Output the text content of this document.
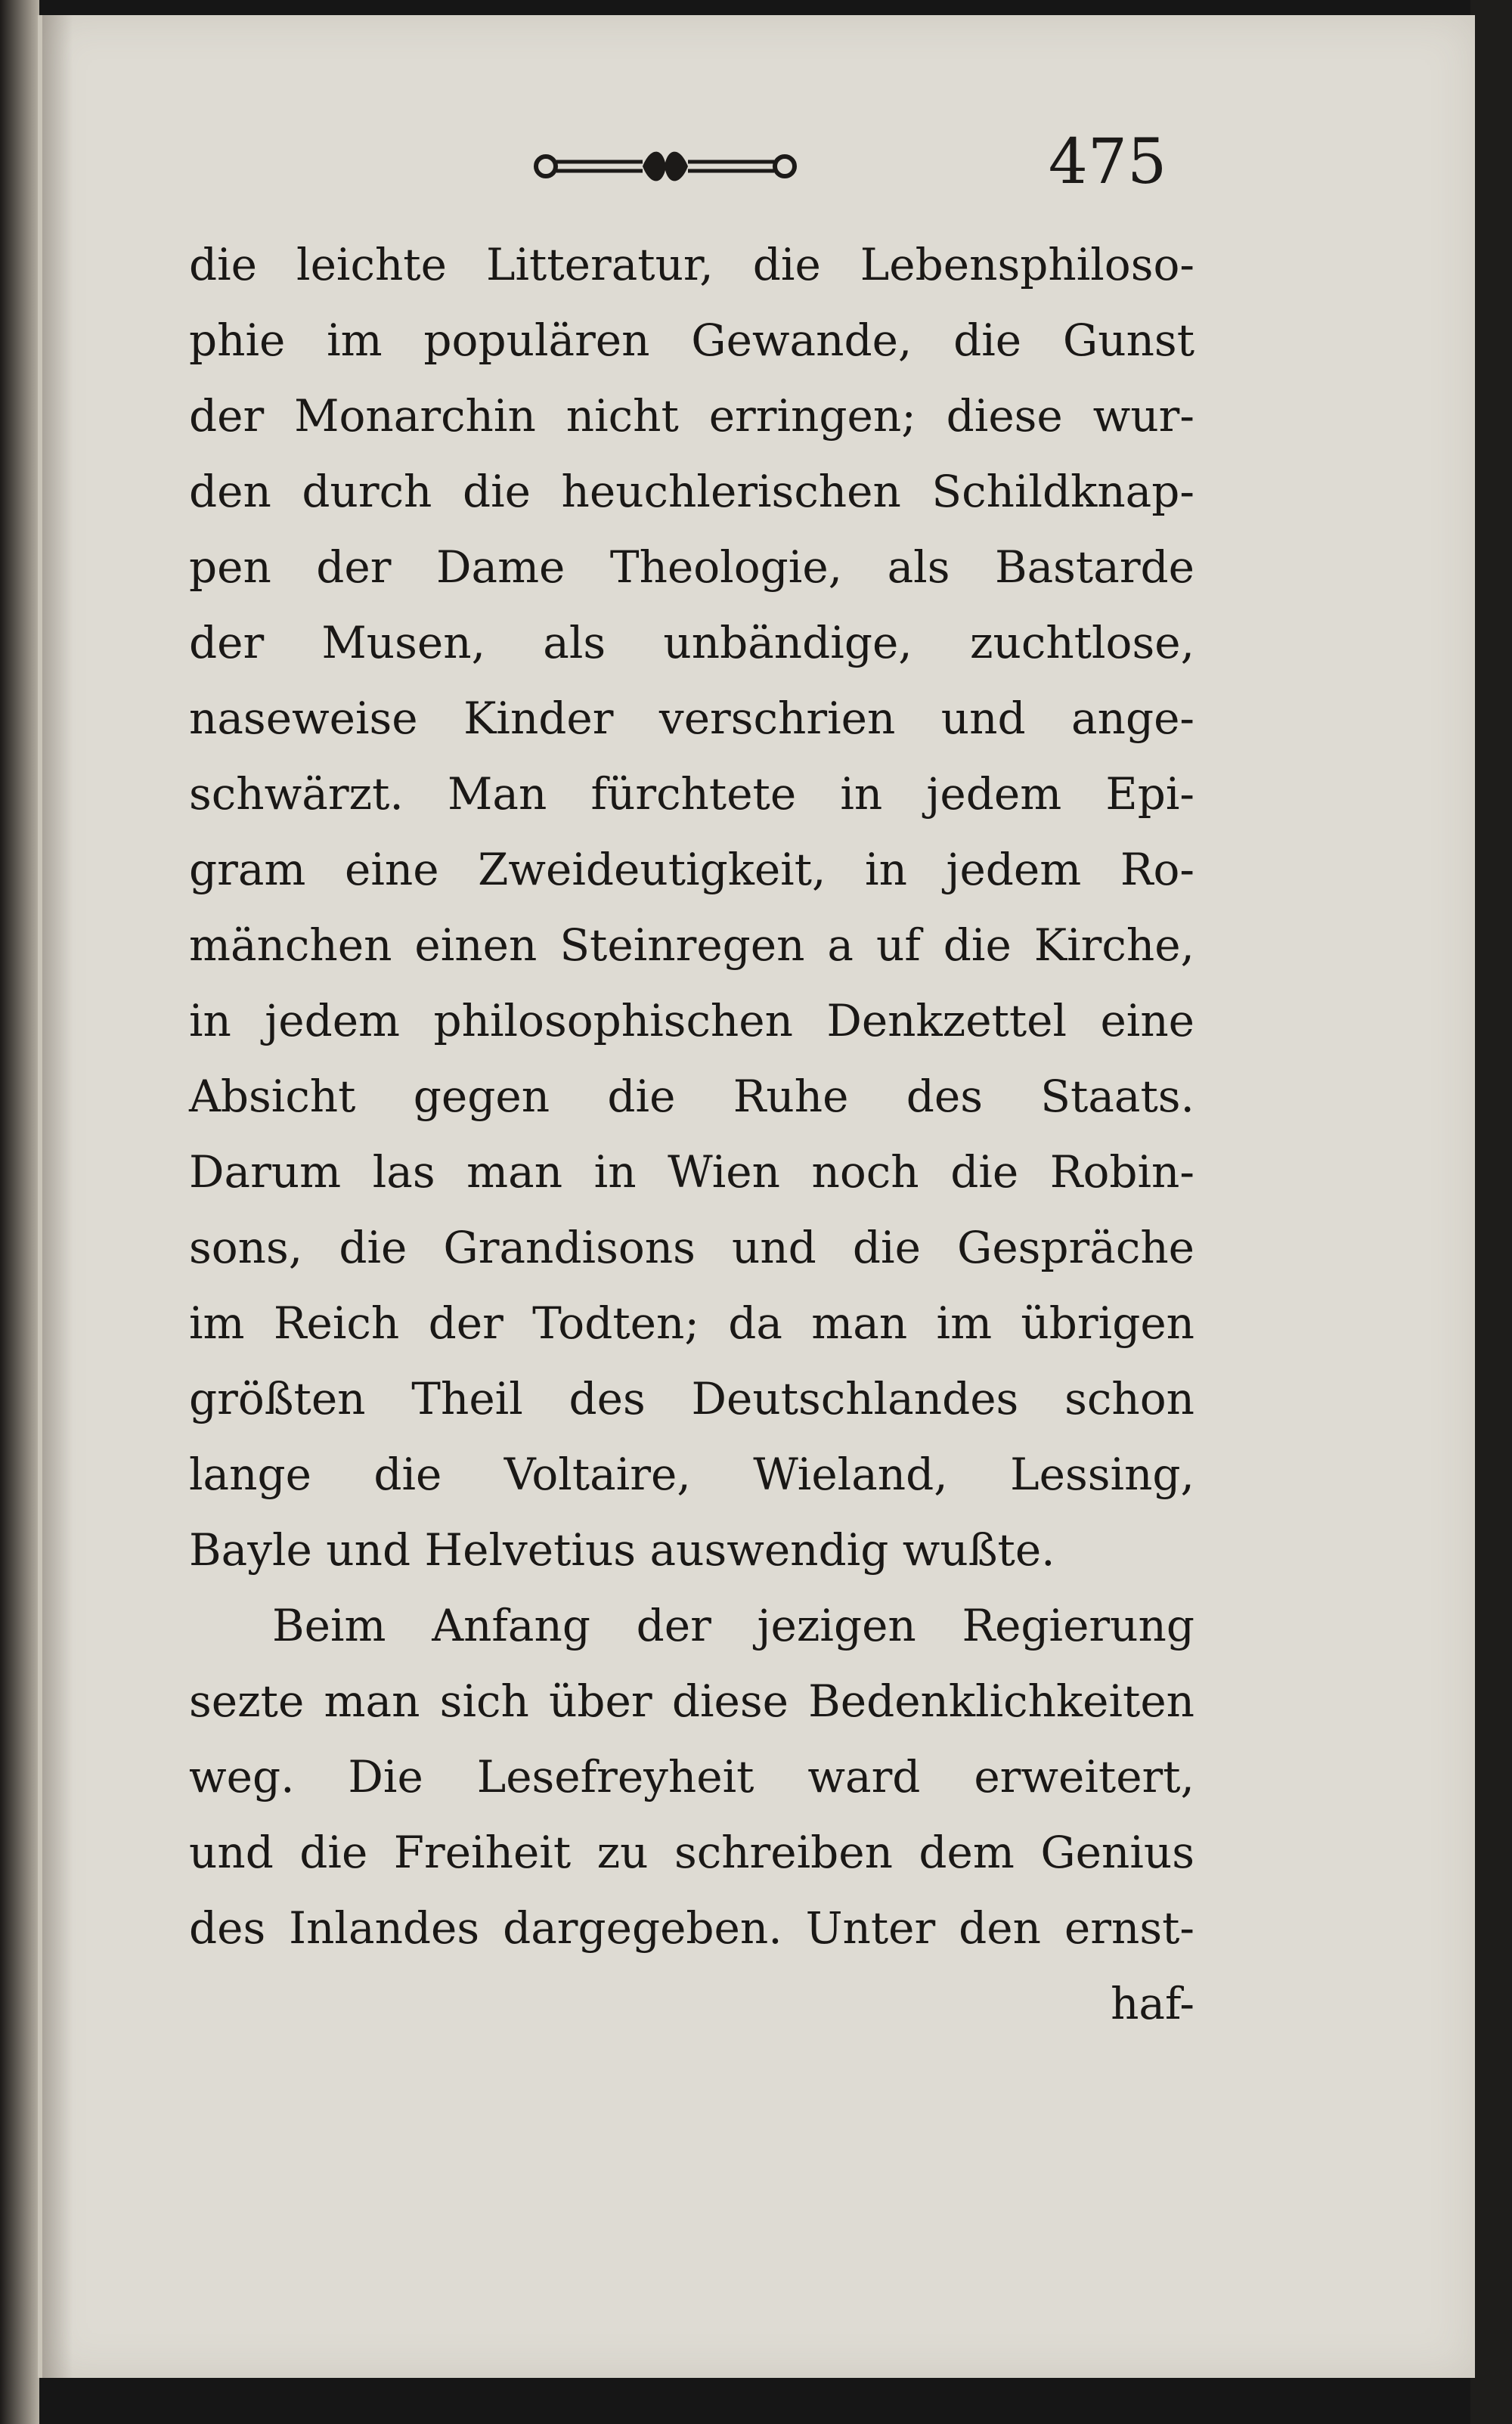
475
die leichte Litteratur, die Lebensphiloso-
phie im populären Gewande, die Gunst
der Monarchin nicht erringen; diese wur-
den durch die heuchlerischen Schildknap-
pen der Dame Theologie, als Bastarde
der Musen, als unbändige, zuchtlose,
naseweise Kinder verschrien und ange-
schwärzt. Man fürchtete in jedem Epi-
gram eine Zweideutigkeit, in jedem Ro-
mänchen einen Steinregen a uf die Kirche,
in jedem philosophischen Denkzettel eine
Absicht gegen die Ruhe des Staats.
Darum las man in Wien noch die Robin-
sons, die Grandisons und die Gespräche
im Reich der Todten; da man im übrigen
größten Theil des Deutschlandes schon
lange die Voltaire, Wieland, Lessing,
Bayle und Helvetius auswendig wußte.
Beim Anfang der jezigen Regierung
sezte man sich über diese Bedenklichkeiten
weg. Die Lesefreyheit ward erweitert,
und die Freiheit zu schreiben dem Genius
des Inlandes dargegeben. Unter den ernst-
haf-
